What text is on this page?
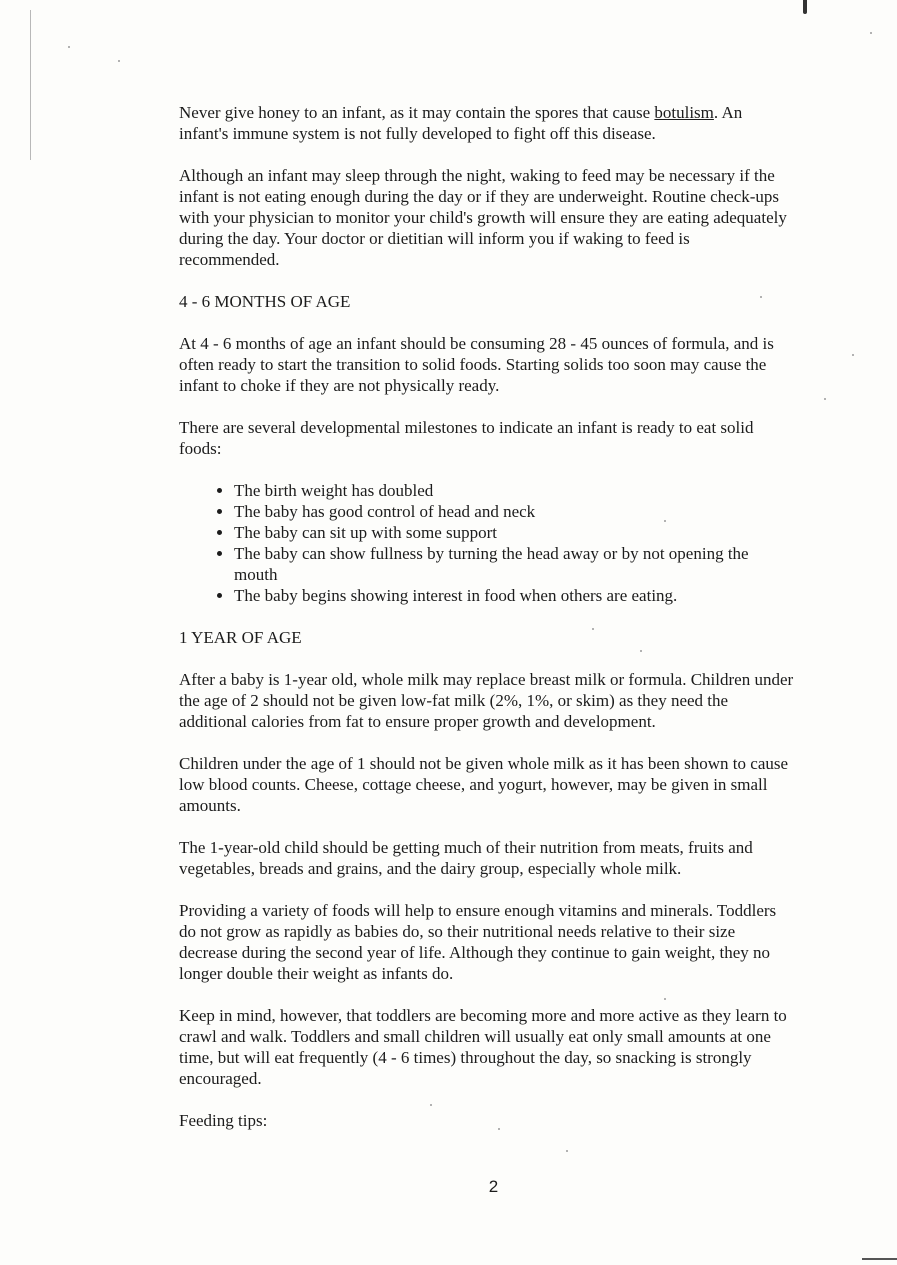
Never give honey to an infant, as it may contain the spores that cause botulism. An infant's immune system is not fully developed to fight off this disease.

Although an infant may sleep through the night, waking to feed may be necessary if the infant is not eating enough during the day or if they are underweight. Routine check-ups with your physician to monitor your child's growth will ensure they are eating adequately during the day. Your doctor or dietitian will inform you if waking to feed is recommended.

4 - 6 MONTHS OF AGE

At 4 - 6 months of age an infant should be consuming 28 - 45 ounces of formula, and is often ready to start the transition to solid foods. Starting solids too soon may cause the infant to choke if they are not physically ready.

There are several developmental milestones to indicate an infant is ready to eat solid foods:

• The birth weight has doubled
• The baby has good control of head and neck
• The baby can sit up with some support
• The baby can show fullness by turning the head away or by not opening the mouth
• The baby begins showing interest in food when others are eating.

1 YEAR OF AGE

After a baby is 1-year old, whole milk may replace breast milk or formula. Children under the age of 2 should not be given low-fat milk (2%, 1%, or skim) as they need the additional calories from fat to ensure proper growth and development.

Children under the age of 1 should not be given whole milk as it has been shown to cause low blood counts. Cheese, cottage cheese, and yogurt, however, may be given in small amounts.

The 1-year-old child should be getting much of their nutrition from meats, fruits and vegetables, breads and grains, and the dairy group, especially whole milk.

Providing a variety of foods will help to ensure enough vitamins and minerals. Toddlers do not grow as rapidly as babies do, so their nutritional needs relative to their size decrease during the second year of life. Although they continue to gain weight, they no longer double their weight as infants do.

Keep in mind, however, that toddlers are becoming more and more active as they learn to crawl and walk. Toddlers and small children will usually eat only small amounts at one time, but will eat frequently (4 - 6 times) throughout the day, so snacking is strongly encouraged.

Feeding tips:

2
